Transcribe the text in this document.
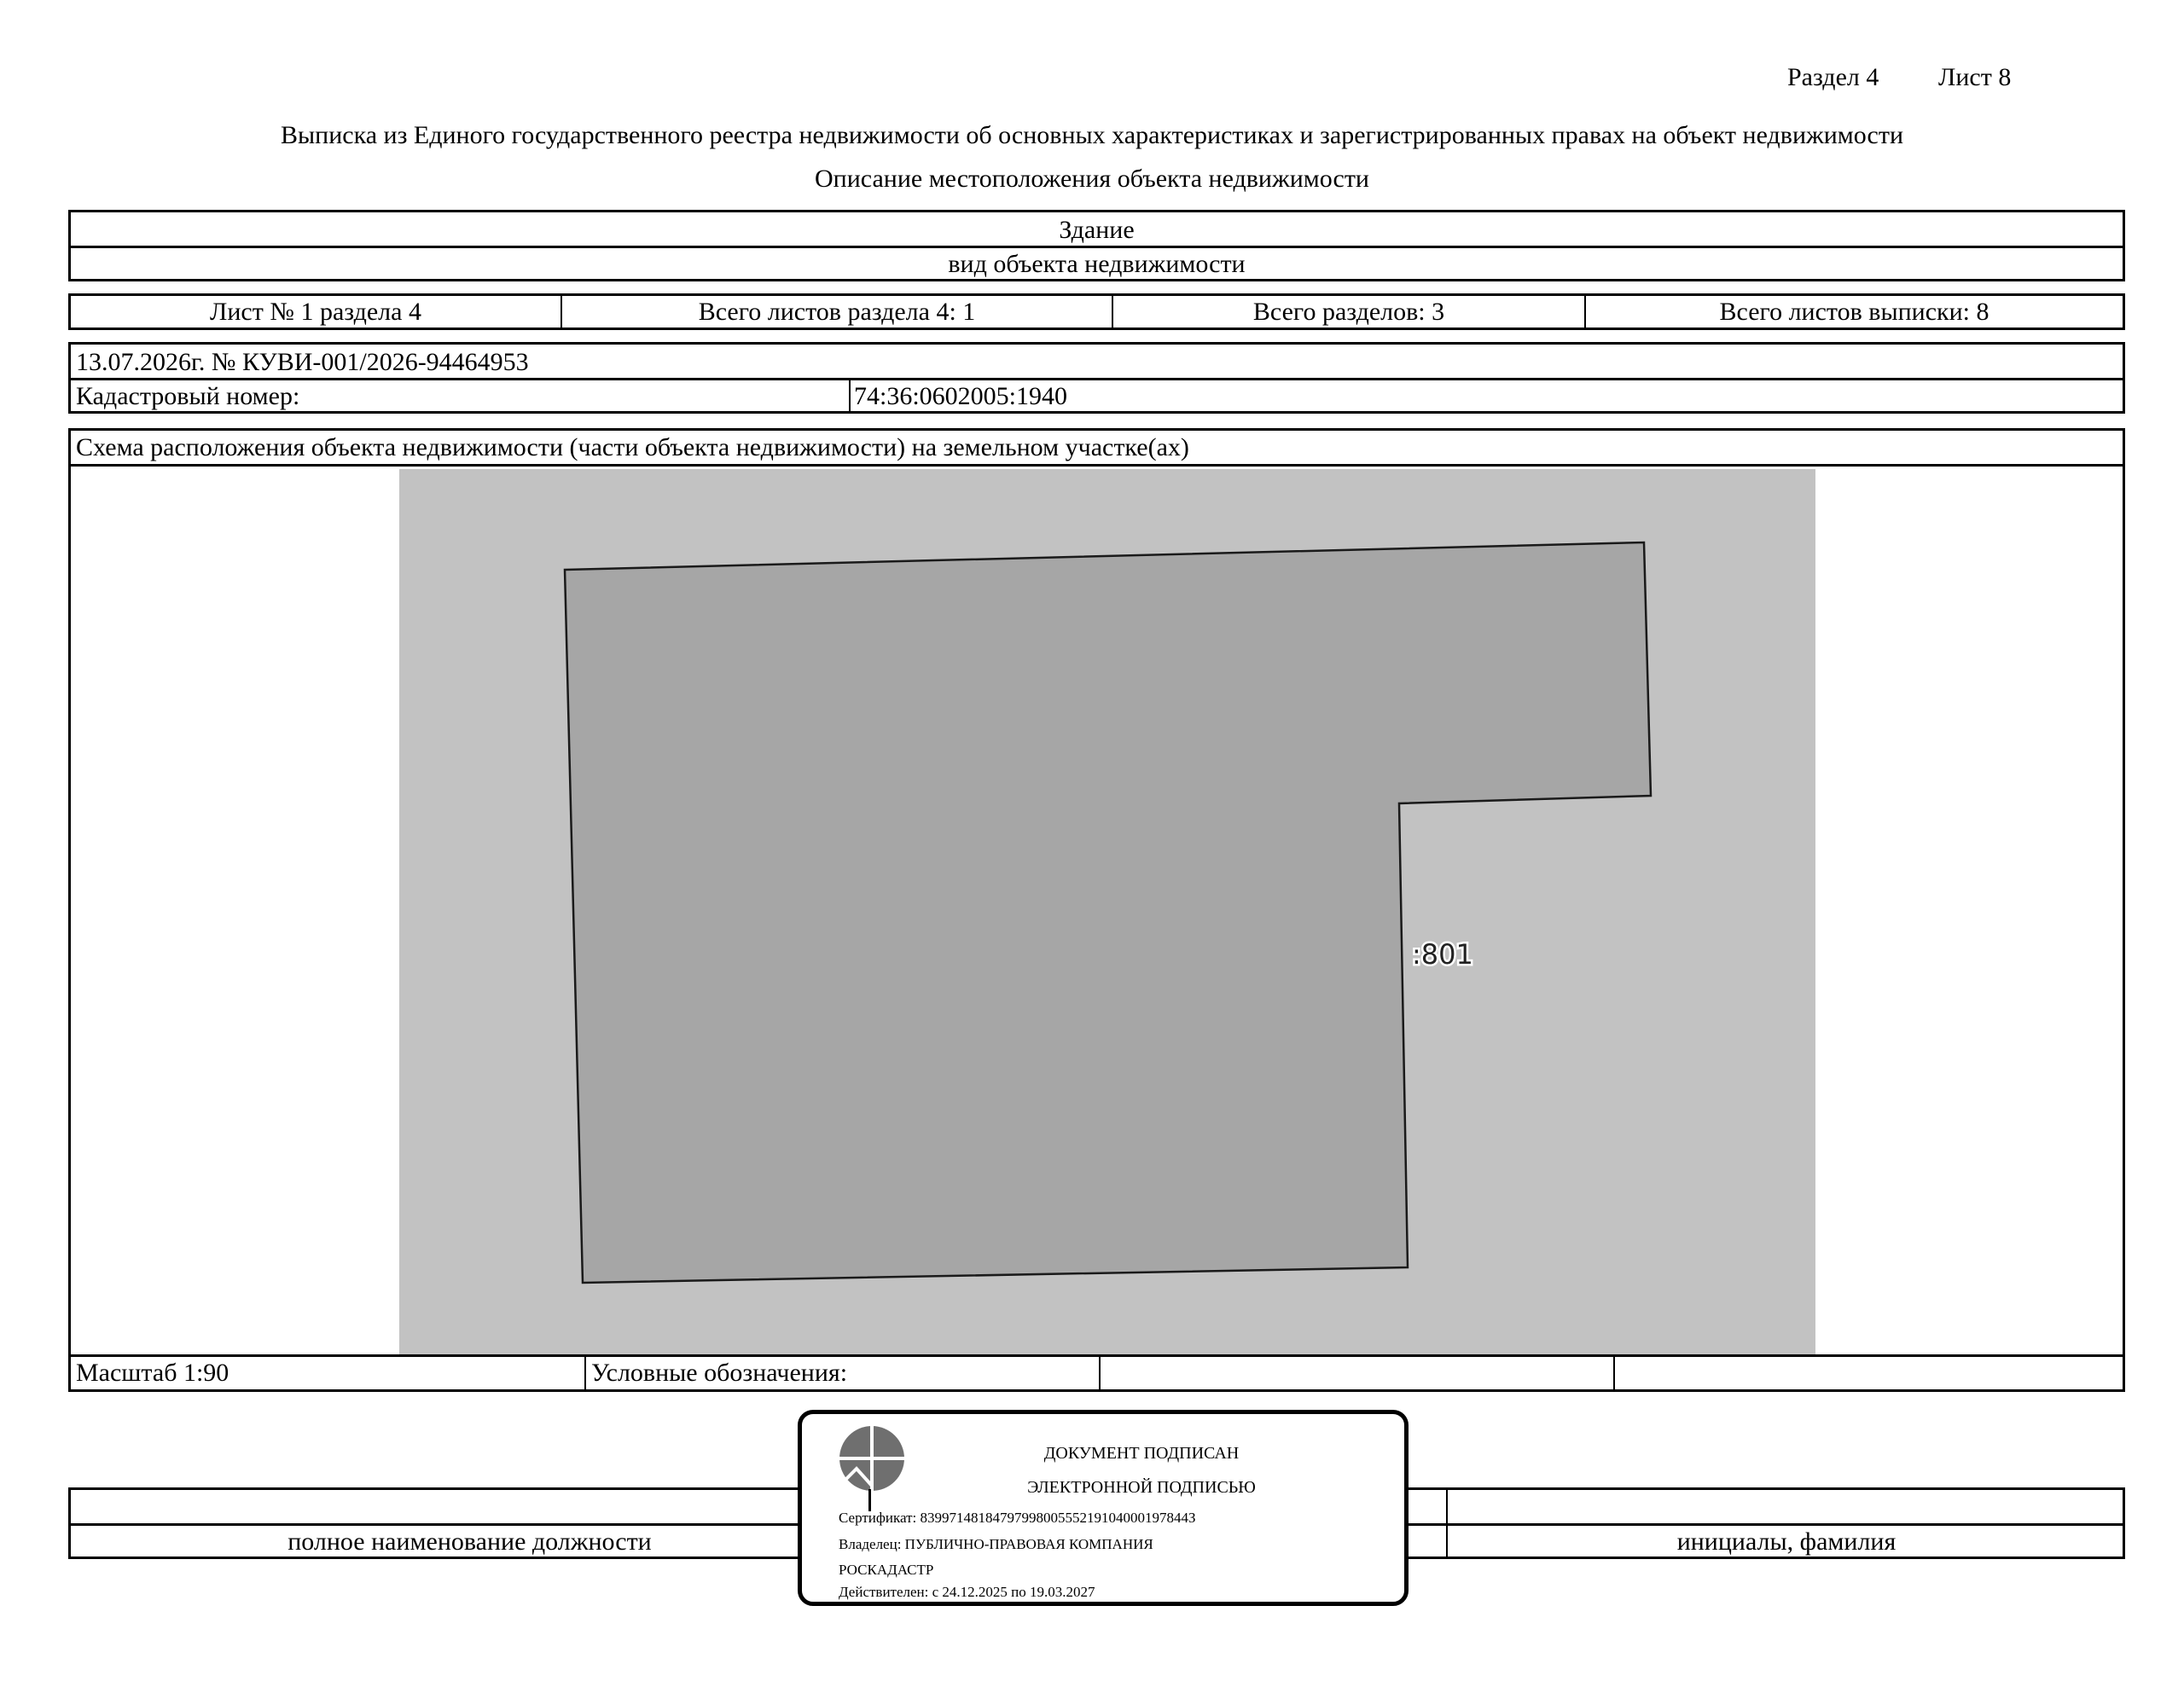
Раздел 4 Лист 8
Выписка из Единого государственного реестра недвижимости об основных характеристиках и зарегистрированных правах на объект недвижимости
Описание местоположения объекта недвижимости
Здание
вид объекта недвижимости
Лист № 1 раздела 4	Всего листов раздела 4: 1	Всего разделов: 3	Всего листов выписки: 8
13.07.2026г. № КУВИ-001/2026-94464953
Кадастровый номер:	74:36:0602005:1940
Схема расположения объекта недвижимости (части объекта недвижимости) на земельном участке(ах)
:801
Масштаб 1:90	Условные обозначения:
полное наименование должности	инициалы, фамилия
ДОКУМЕНТ ПОДПИСАН
ЭЛЕКТРОННОЙ ПОДПИСЬЮ
Сертификат: 8399714818479799800555219104000197844З
Владелец: ПУБЛИЧНО-ПРАВОВАЯ КОМПАНИЯ
РОСКАДАСТР
Действителен: с 24.12.2025 по 19.03.2027
